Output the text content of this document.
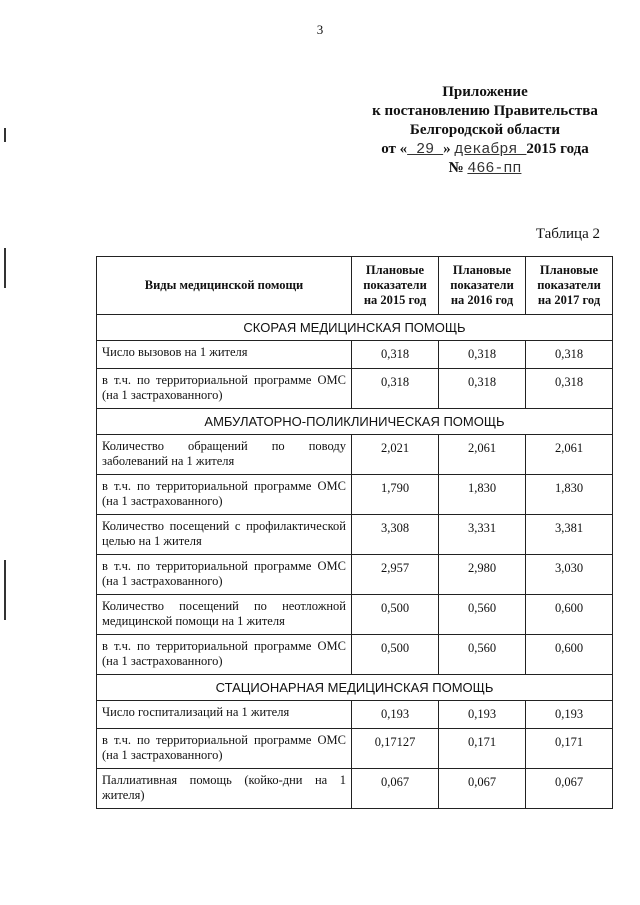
3
Приложение
к постановлению Правительства
Белгородской области
от « 29 » декабря 2015 года
№ 466-пп
Таблица 2
Виды медицинской помощи	Плановые показатели на 2015 год	Плановые показатели на 2016 год	Плановые показатели на 2017 год
СКОРАЯ МЕДИЦИНСКАЯ ПОМОЩЬ			
Число вызовов на 1 жителя	0,318	0,318	0,318
в т.ч. по территориальной программе ОМС (на 1 застрахованного)	0,318	0,318	0,318
АМБУЛАТОРНО-ПОЛИКЛИНИЧЕСКАЯ ПОМОЩЬ			
Количество обращений по поводу заболеваний на 1 жителя	2,021	2,061	2,061
в т.ч. по территориальной программе ОМС (на 1 застрахованного)	1,790	1,830	1,830
Количество посещений с профилактической целью на 1 жителя	3,308	3,331	3,381
в т.ч. по территориальной программе ОМС (на 1 застрахованного)	2,957	2,980	3,030
Количество посещений по неотложной медицинской помощи на 1 жителя	0,500	0,560	0,600
в т.ч. по территориальной программе ОМС (на 1 застрахованного)	0,500	0,560	0,600
СТАЦИОНАРНАЯ МЕДИЦИНСКАЯ ПОМОЩЬ			
Число госпитализаций на 1 жителя	0,193	0,193	0,193
в т.ч. по территориальной программе ОМС (на 1 застрахованного)	0,17127	0,171	0,171
Паллиативная помощь (койко-дни на 1 жителя)	0,067	0,067	0,067
